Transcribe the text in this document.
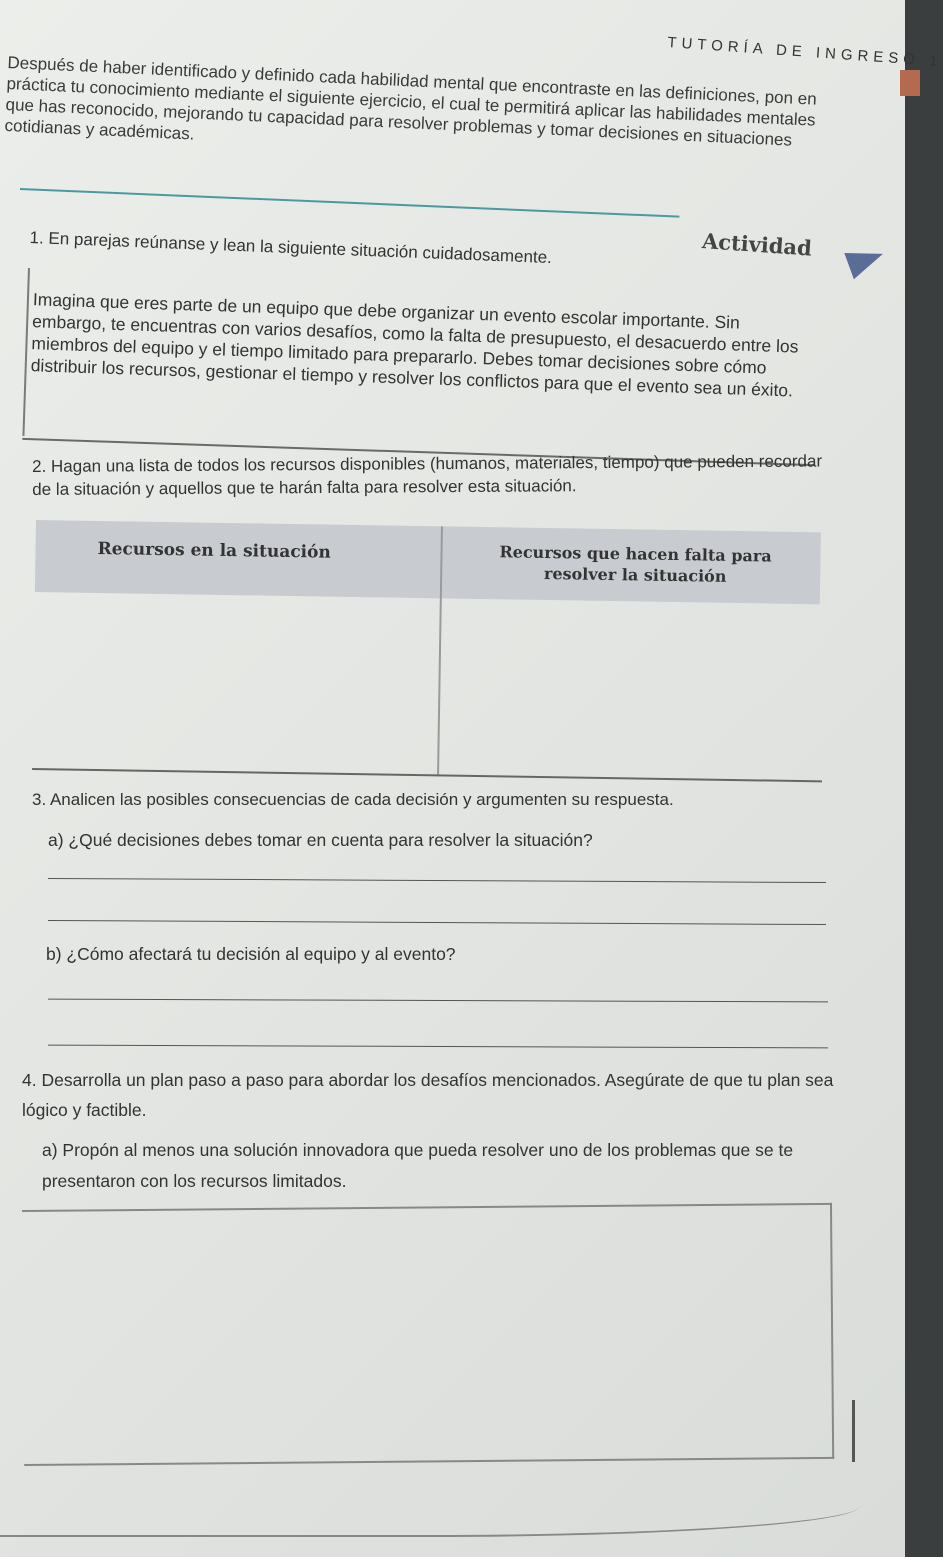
TUTORÍA DE INGRESO 1
Después de haber identificado y definido cada habilidad mental que encontraste en las definiciones, pon en práctica tu conocimiento mediante el siguiente ejercicio, el cual te permitirá aplicar las habilidades mentales que has reconocido, mejorando tu capacidad para resolver problemas y tomar decisiones en situaciones cotidianas y académicas.
Actividad
1. En parejas reúnanse y lean la siguiente situación cuidadosamente.
Imagina que eres parte de un equipo que debe organizar un evento escolar importante. Sin embargo, te encuentras con varios desafíos, como la falta de presupuesto, el desacuerdo entre los miembros del equipo y el tiempo limitado para prepararlo. Debes tomar decisiones sobre cómo distribuir los recursos, gestionar el tiempo y resolver los conflictos para que el evento sea un éxito.
2. Hagan una lista de todos los recursos disponibles (humanos, materiales, tiempo) que pueden recordar de la situación y aquellos que te harán falta para resolver esta situación.
Recursos en la situación	Recursos que hacen falta para resolver la situación
3. Analicen las posibles consecuencias de cada decisión y argumenten su respuesta.
a) ¿Qué decisiones debes tomar en cuenta para resolver la situación?
b) ¿Cómo afectará tu decisión al equipo y al evento?
4. Desarrolla un plan paso a paso para abordar los desafíos mencionados. Asegúrate de que tu plan sea lógico y factible.
a) Propón al menos una solución innovadora que pueda resolver uno de los problemas que se te presentaron con los recursos limitados.
